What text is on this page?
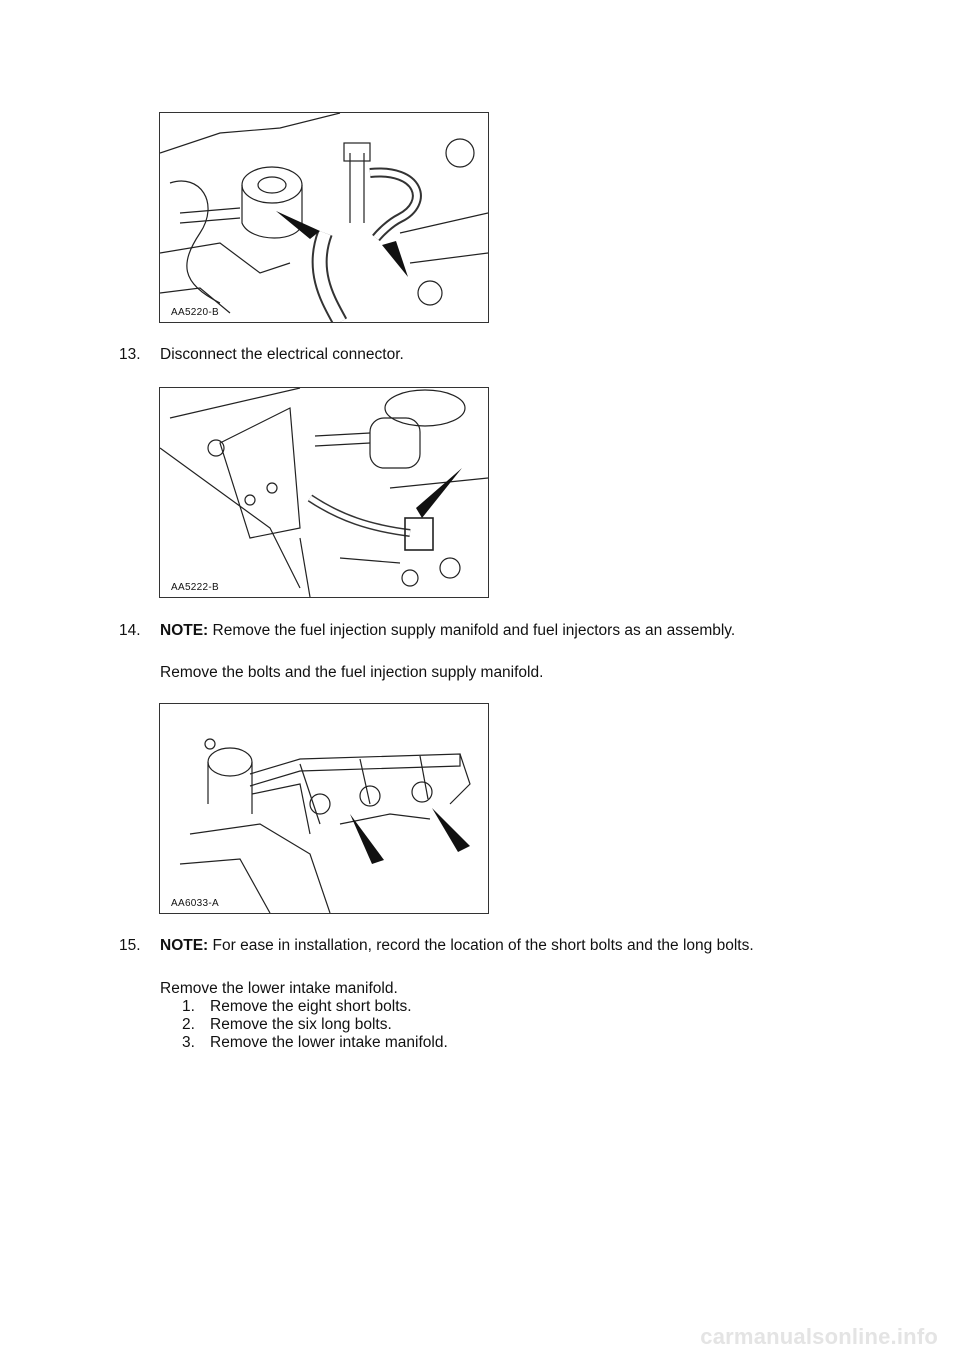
AA5220-B
13. Disconnect the electrical connector.
AA5222-B
14. NOTE: Remove the fuel injection supply manifold and fuel injectors as an assembly.
Remove the bolts and the fuel injection supply manifold.
AA6033-A
15. NOTE: For ease in installation, record the location of the short bolts and the long bolts.
Remove the lower intake manifold.
1. Remove the eight short bolts.
2. Remove the six long bolts.
3. Remove the lower intake manifold.
carmanualsonline.info
